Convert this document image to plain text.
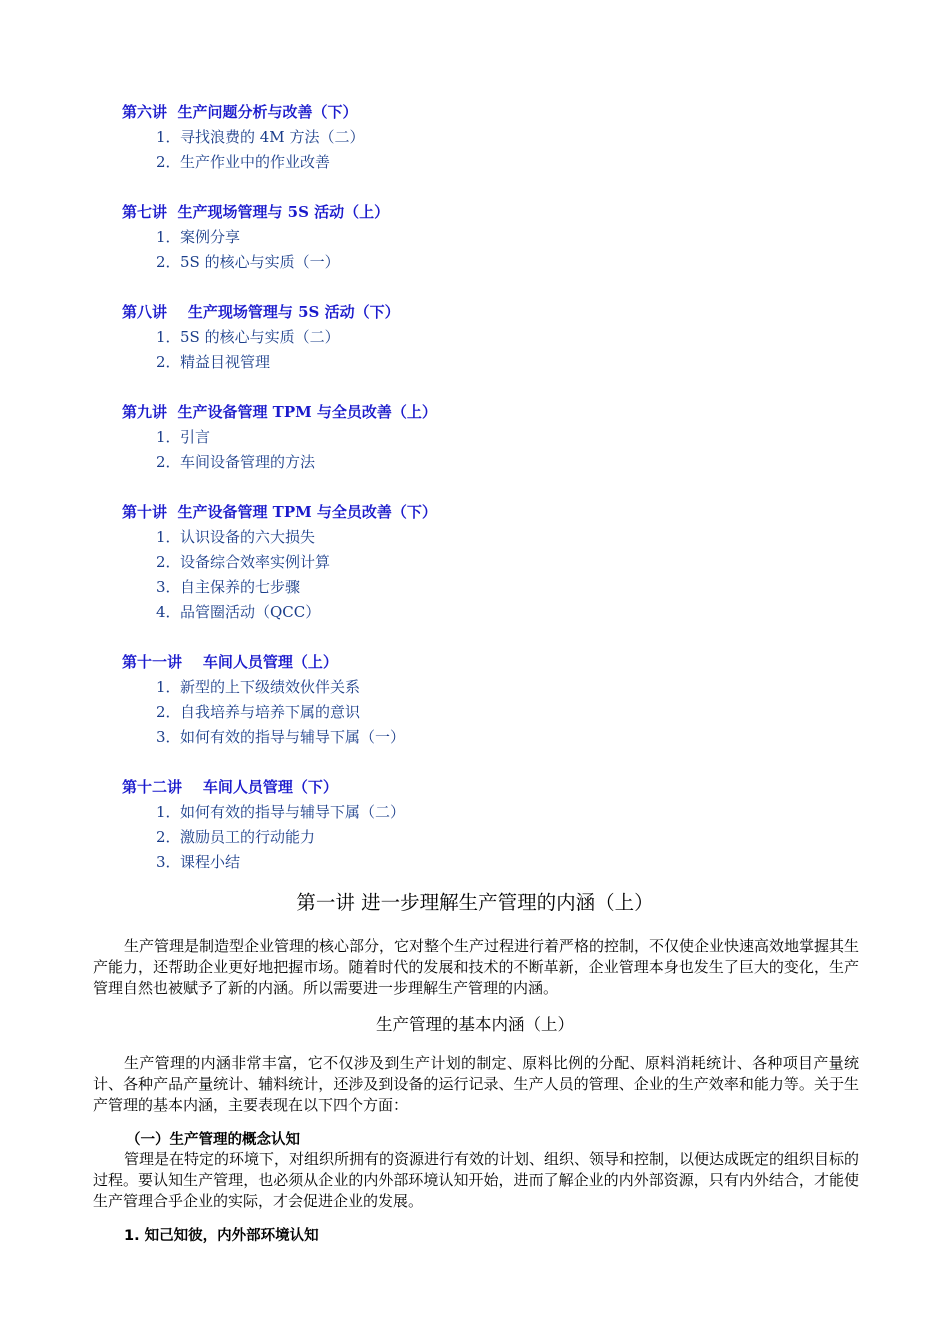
第六讲  生产问题分析与改善（下）
1．寻找浪费的 4M 方法（二）
2．生产作业中的作业改善
第七讲  生产现场管理与 5S 活动（上）
1．案例分享
2．5S 的核心与实质（一）
第八讲    生产现场管理与 5S 活动（下）
1．5S 的核心与实质（二）
2．精益目视管理
第九讲  生产设备管理 TPM 与全员改善（上）
1．引言
2．车间设备管理的方法
第十讲  生产设备管理 TPM 与全员改善（下）
1．认识设备的六大损失
2．设备综合效率实例计算
3．自主保养的七步骤
4．品管圈活动（QCC）
第十一讲    车间人员管理（上）
1．新型的上下级绩效伙伴关系
2．自我培养与培养下属的意识
3．如何有效的指导与辅导下属（一）
第十二讲    车间人员管理（下）
1．如何有效的指导与辅导下属（二）
2．激励员工的行动能力
3．课程小结
第一讲 进一步理解生产管理的内涵（上）
生产管理是制造型企业管理的核心部分，它对整个生产过程进行着严格的控制，不仅使企业快速高效地掌握其生产能力，还帮助企业更好地把握市场。随着时代的发展和技术的不断革新，企业管理本身也发生了巨大的变化，生产管理自然也被赋予了新的内涵。所以需要进一步理解生产管理的内涵。
生产管理的基本内涵（上）
生产管理的内涵非常丰富，它不仅涉及到生产计划的制定、原料比例的分配、原料消耗统计、各种项目产量统计、各种产品产量统计、辅料统计，还涉及到设备的运行记录、生产人员的管理、企业的生产效率和能力等。关于生产管理的基本内涵，主要表现在以下四个方面：
（一）生产管理的概念认知
管理是在特定的环境下，对组织所拥有的资源进行有效的计划、组织、领导和控制，以便达成既定的组织目标的过程。要认知生产管理，也必须从企业的内外部环境认知开始，进而了解企业的内外部资源，只有内外结合，才能使生产管理合乎企业的实际，才会促进企业的发展。
1. 知己知彼，内外部环境认知
